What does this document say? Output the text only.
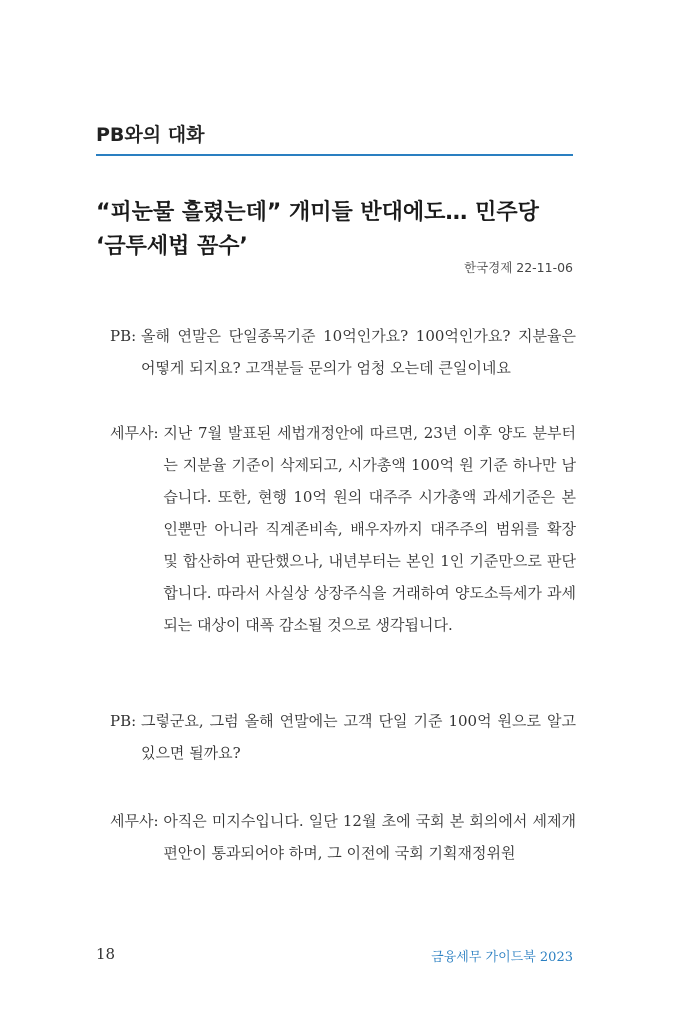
PB와의 대화
“피눈물 흘렸는데” 개미들 반대에도… 민주당 ‘금투세법 꼼수’
한국경제 22-11-06
PB:
올해 연말은 단일종목기준 10억인가요? 100억인가요? 지분율은 어떻게 되지요? 고객분들 문의가 엄청 오는데 큰일이네요
세무사:
지난 7월 발표된 세법개정안에 따르면, 23년 이후 양도 분부터는 지분율 기준이 삭제되고, 시가총액 100억 원 기준 하나만 남습니다. 또한, 현행 10억 원의 대주주 시가총액 과세기준은 본인뿐만 아니라 직계존비속, 배우자까지 대주주의 범위를 확장 및 합산하여 판단했으나, 내년부터는 본인 1인 기준만으로 판단합니다. 따라서 사실상 상장주식을 거래하여 양도소득세가 과세되는 대상이 대폭 감소될 것으로 생각됩니다.
PB:
그렇군요, 그럼 올해 연말에는 고객 단일 기준 100억 원으로 알고 있으면 될까요?
세무사:
아직은 미지수입니다. 일단 12월 초에 국회 본 회의에서 세제개편안이 통과되어야 하며, 그 이전에 국회 기획재정위원
18	금융세무 가이드북 2023
